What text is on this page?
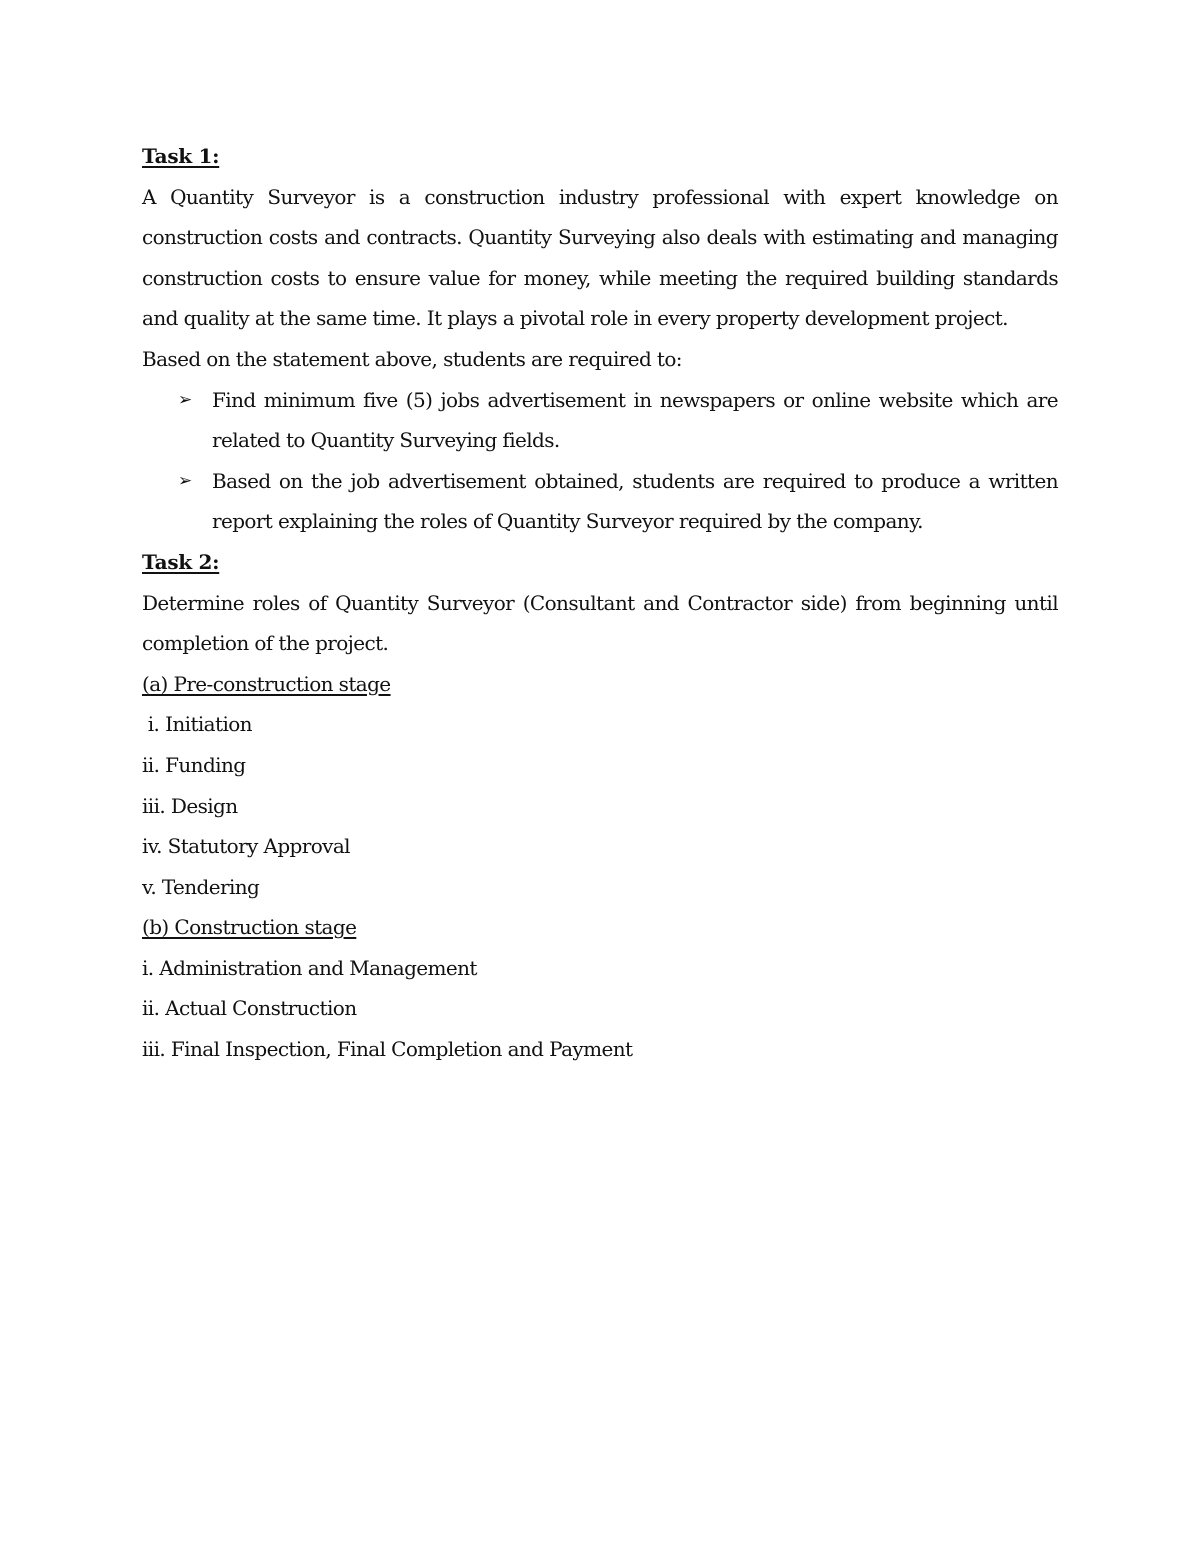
Task 1:

A Quantity Surveyor is a construction industry professional with expert knowledge on construction costs and contracts. Quantity Surveying also deals with estimating and managing construction costs to ensure value for money, while meeting the required building standards and quality at the same time. It plays a pivotal role in every property development project.

Based on the statement above, students are required to:

➢ Find minimum five (5) jobs advertisement in newspapers or online website which are related to Quantity Surveying fields.
➢ Based on the job advertisement obtained, students are required to produce a written report explaining the roles of Quantity Surveyor required by the company.
Task 2:

Determine roles of Quantity Surveyor (Consultant and Contractor side) from beginning until completion of the project.

(a) Pre-construction stage
i. Initiation
ii. Funding
iii. Design
iv. Statutory Approval
v. Tendering
(b) Construction stage
i. Administration and Management
ii. Actual Construction
iii. Final Inspection, Final Completion and Payment
